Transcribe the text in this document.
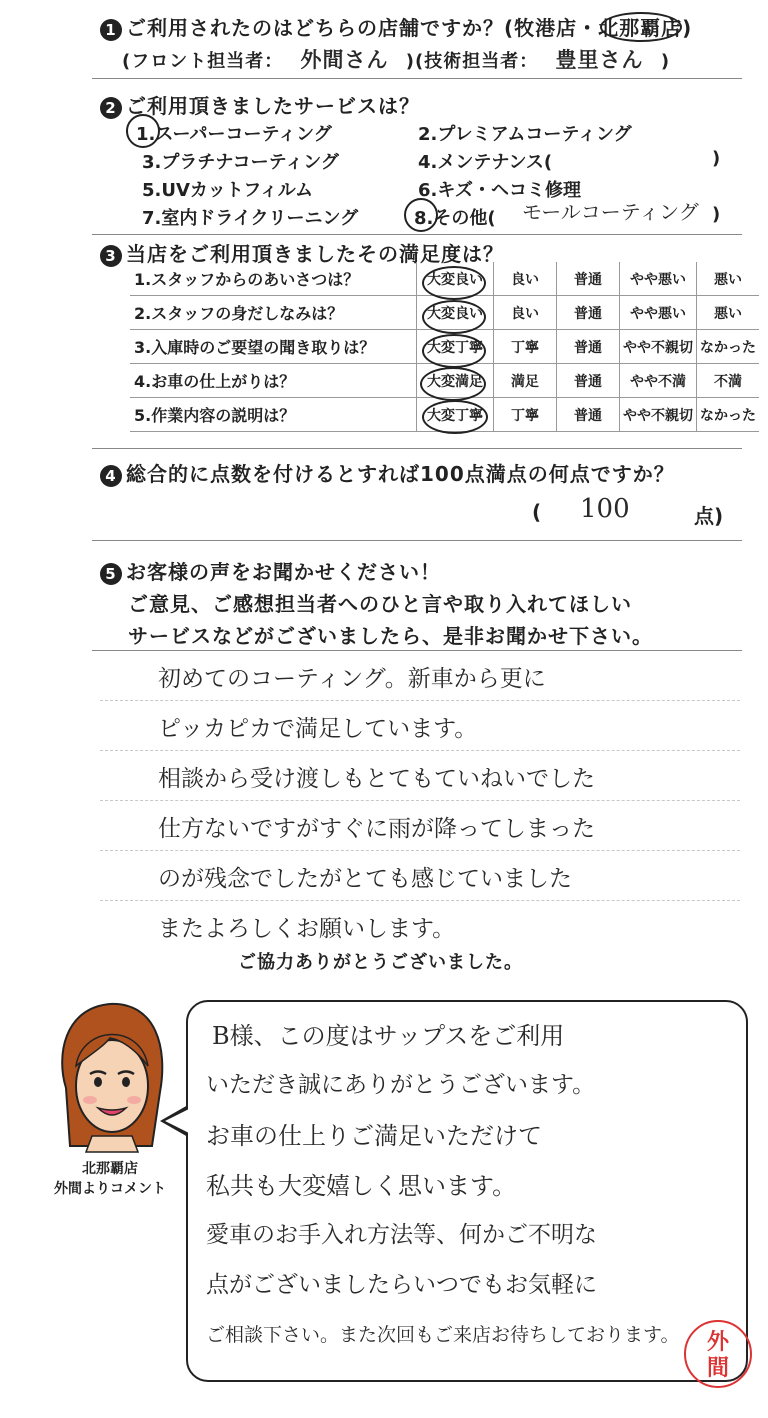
1 ご利用されたのはどちらの店舗ですか？(牧港店・北那覇店)
(フロント担当者： 外間さん )(技術担当者： 豊里さん )
2 ご利用頂きましたサービスは？
1.スーパーコーティング	2.プレミアムコーティング
3.プラチナコーティング	4.メンテナンス(	)
5.UVカットフィルム	6.キズ・ヘコミ修理
7.室内ドライクリーニング	8.その他( モールコーティング )
3 当店をご利用頂きましたその満足度は？
1.スタッフからのあいさつは？	大変良い	良い	普通	やや悪い	悪い
2.スタッフの身だしなみは？	大変良い	良い	普通	やや悪い	悪い
3.入庫時のご要望の聞き取りは？	大変丁寧	丁寧	普通	やや不親切	なかった
4.お車の仕上がりは？	大変満足	満足	普通	やや不満	不満
5.作業内容の説明は？	大変丁寧	丁寧	普通	やや不親切	なかった
4 総合的に点数を付けるとすれば100点満点の何点ですか？
( 100	点)
5 お客様の声をお聞かせください！
ご意見、ご感想担当者へのひと言や取り入れてほしい
サービスなどがございましたら、是非お聞かせ下さい。
初めてのコーティング。新車から更に
ピッカピカで満足しています。
相談から受け渡しもとてもていねいでした
仕方ないですがすぐに雨が降ってしまった
のが残念でしたがとても感じていました
またよろしくお願いします。
ご協力ありがとうございました。
北那覇店
外間よりコメント
B様、この度はサップスをご利用
いただき誠にありがとうございます。
お車の仕上りご満足いただけて
私共も大変嬉しく思います。
愛車のお手入れ方法等、何かご不明な
点がございましたらいつでもお気軽に
ご相談下さい。また次回もご来店お待ちしております。	外
間
